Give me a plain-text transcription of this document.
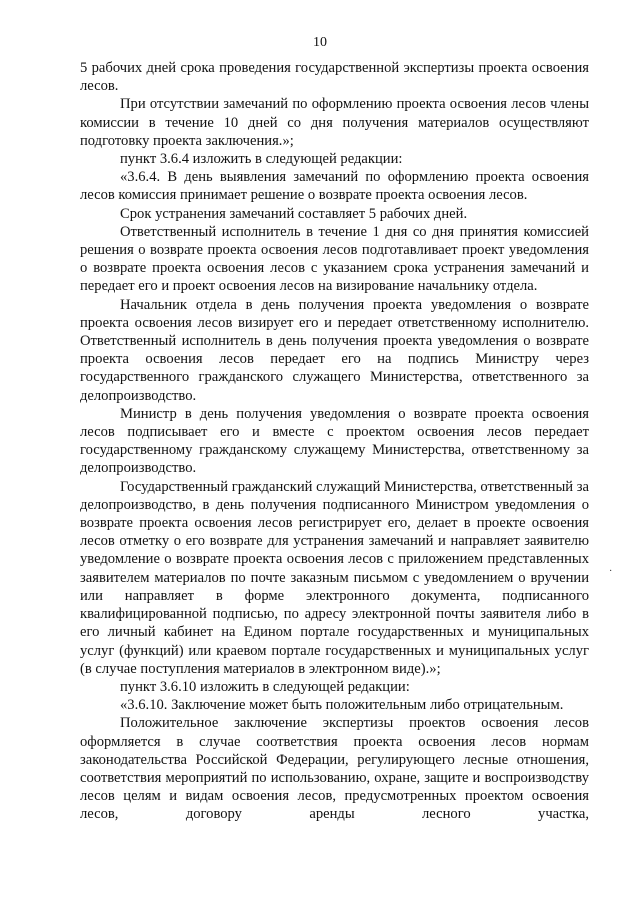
10

5 рабочих дней срока проведения государственной экспертизы проекта освоения лесов.

При отсутствии замечаний по оформлению проекта освоения лесов члены комиссии в течение 10 дней со дня получения материалов осуществляют подготовку проекта заключения.»;

пункт 3.6.4 изложить в следующей редакции:

«3.6.4. В день выявления замечаний по оформлению проекта освоения лесов комиссия принимает решение о возврате проекта освоения лесов.

Срок устранения замечаний составляет 5 рабочих дней.

Ответственный исполнитель в течение 1 дня со дня принятия комиссией решения о возврате проекта освоения лесов подготавливает проект уведомления о возврате проекта освоения лесов с указанием срока устранения замечаний и передает его и проект освоения лесов на визирование начальнику отдела.

Начальник отдела в день получения проекта уведомления о возврате проекта освоения лесов визирует его и передает ответственному исполнителю. Ответственный исполнитель в день получения проекта уведомления о возврате проекта освоения лесов передает его на подпись Министру через государственного гражданского служащего Министерства, ответственного за делопроизводство.

Министр в день получения уведомления о возврате проекта освоения лесов подписывает его и вместе с проектом освоения лесов передает государственному гражданскому служащему Министерства, ответственному за делопроизводство.

Государственный гражданский служащий Министерства, ответственный за делопроизводство, в день получения подписанного Министром уведомления о возврате проекта освоения лесов регистрирует его, делает в проекте освоения лесов отметку о его возврате для устранения замечаний и направляет заявителю уведомление о возврате проекта освоения лесов с приложением представленных заявителем материалов по почте заказным письмом с уведомлением о вручении или направляет в форме электронного документа, подписанного квалифицированной подписью, по адресу электронной почты заявителя либо в его личный кабинет на Едином портале государственных и муниципальных услуг (функций) или краевом портале государственных и муниципальных услуг (в случае поступления материалов в электронном виде).»;

пункт 3.6.10 изложить в следующей редакции:

«3.6.10. Заключение может быть положительным либо отрицательным.

Положительное заключение экспертизы проектов освоения лесов оформляется в случае соответствия проекта освоения лесов нормам законодательства Российской Федерации, регулирующего лесные отношения, соответствия мероприятий по использованию, охране, защите и воспроизводству лесов целям и видам освоения лесов, предусмотренных проектом освоения лесов, договору аренды лесного участка,

·
